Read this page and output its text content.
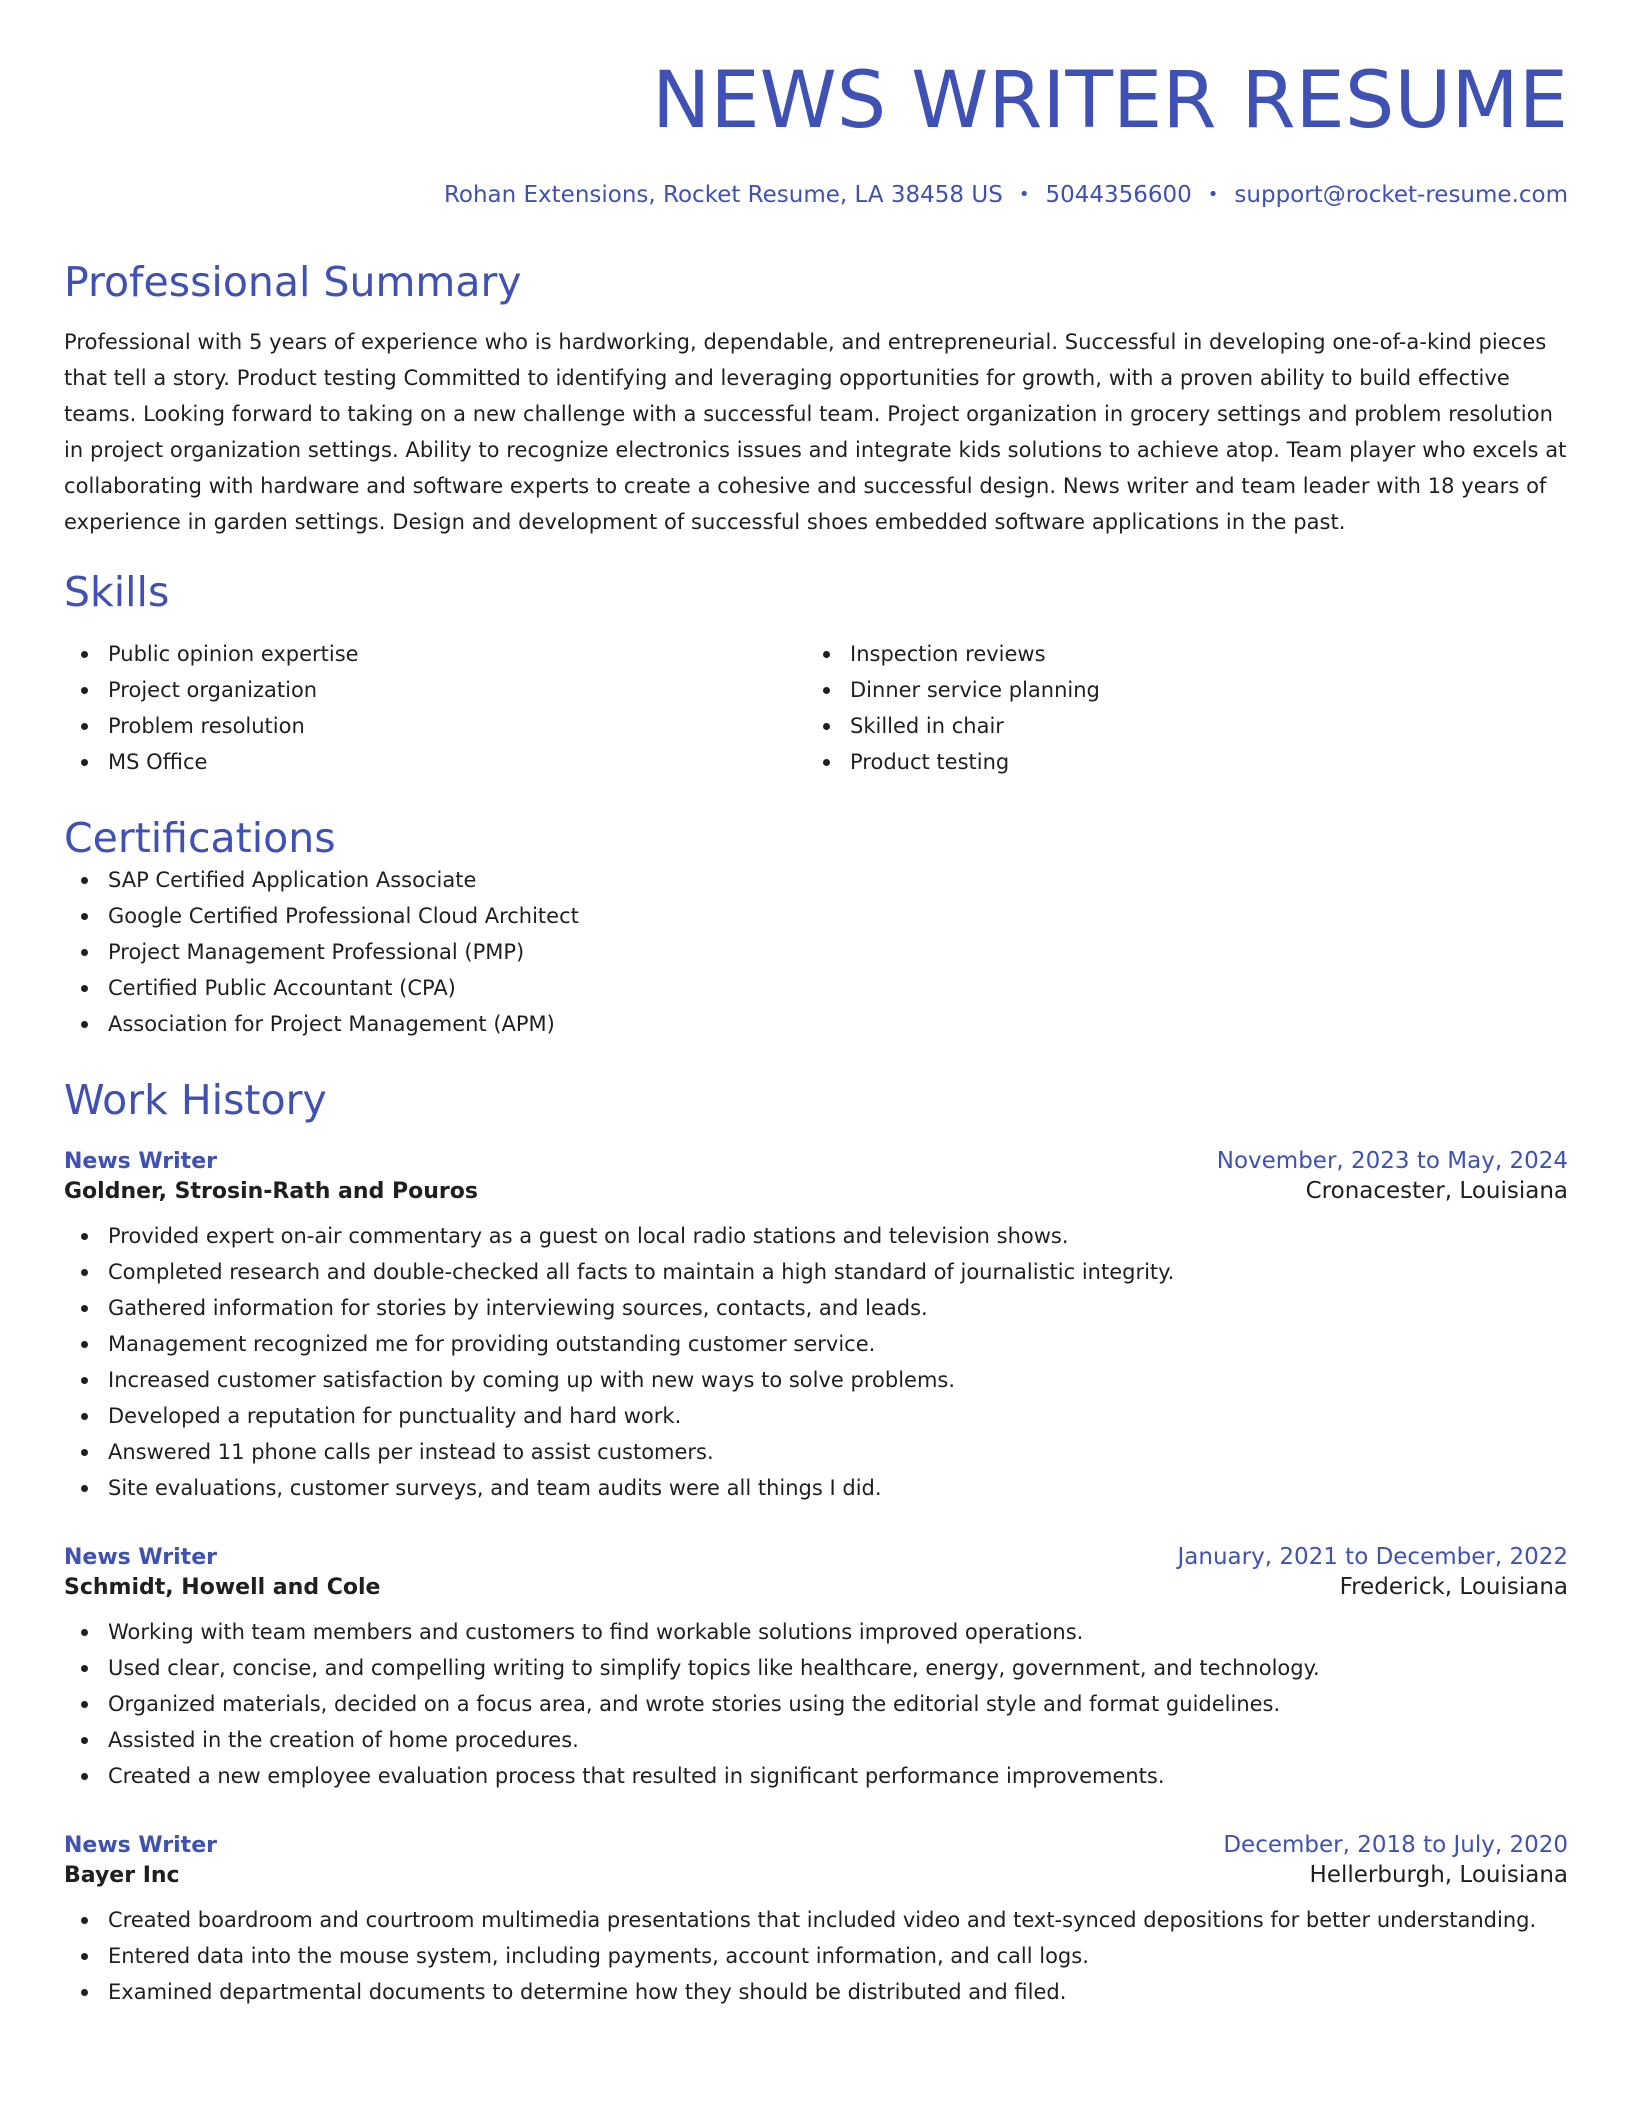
NEWS WRITER RESUME
Rohan Extensions, Rocket Resume, LA 38458 US • 5044356600 • support@rocket-resume.com
Professional Summary

Professional with 5 years of experience who is hardworking, dependable, and entrepreneurial. Successful in developing one-of-a-kind pieces that tell a story. Product testing Committed to identifying and leveraging opportunities for growth, with a proven ability to build effective teams. Looking forward to taking on a new challenge with a successful team. Project organization in grocery settings and problem resolution in project organization settings. Ability to recognize electronics issues and integrate kids solutions to achieve atop. Team player who excels at collaborating with hardware and software experts to create a cohesive and successful design. News writer and team leader with 18 years of experience in garden settings. Design and development of successful shoes embedded software applications in the past.

Skills
Public opinion expertise
Project organization
Problem resolution
MS Office
Inspection reviews
Dinner service planning
Skilled in chair
Product testing
Certifications
SAP Certified Application Associate
Google Certified Professional Cloud Architect
Project Management Professional (PMP)
Certified Public Accountant (CPA)
Association for Project Management (APM)
Work History
News Writer	November, 2023 to May, 2024
Goldner, Strosin-Rath and Pouros	Cronacester, Louisiana
Provided expert on-air commentary as a guest on local radio stations and television shows.
Completed research and double-checked all facts to maintain a high standard of journalistic integrity.
Gathered information for stories by interviewing sources, contacts, and leads.
Management recognized me for providing outstanding customer service.
Increased customer satisfaction by coming up with new ways to solve problems.
Developed a reputation for punctuality and hard work.
Answered 11 phone calls per instead to assist customers.
Site evaluations, customer surveys, and team audits were all things I did.
News Writer	January, 2021 to December, 2022
Schmidt, Howell and Cole	Frederick, Louisiana
Working with team members and customers to find workable solutions improved operations.
Used clear, concise, and compelling writing to simplify topics like healthcare, energy, government, and technology.
Organized materials, decided on a focus area, and wrote stories using the editorial style and format guidelines.
Assisted in the creation of home procedures.
Created a new employee evaluation process that resulted in significant performance improvements.
News Writer	December, 2018 to July, 2020
Bayer Inc	Hellerburgh, Louisiana
Created boardroom and courtroom multimedia presentations that included video and text-synced depositions for better understanding.
Entered data into the mouse system, including payments, account information, and call logs.
Examined departmental documents to determine how they should be distributed and filed.
